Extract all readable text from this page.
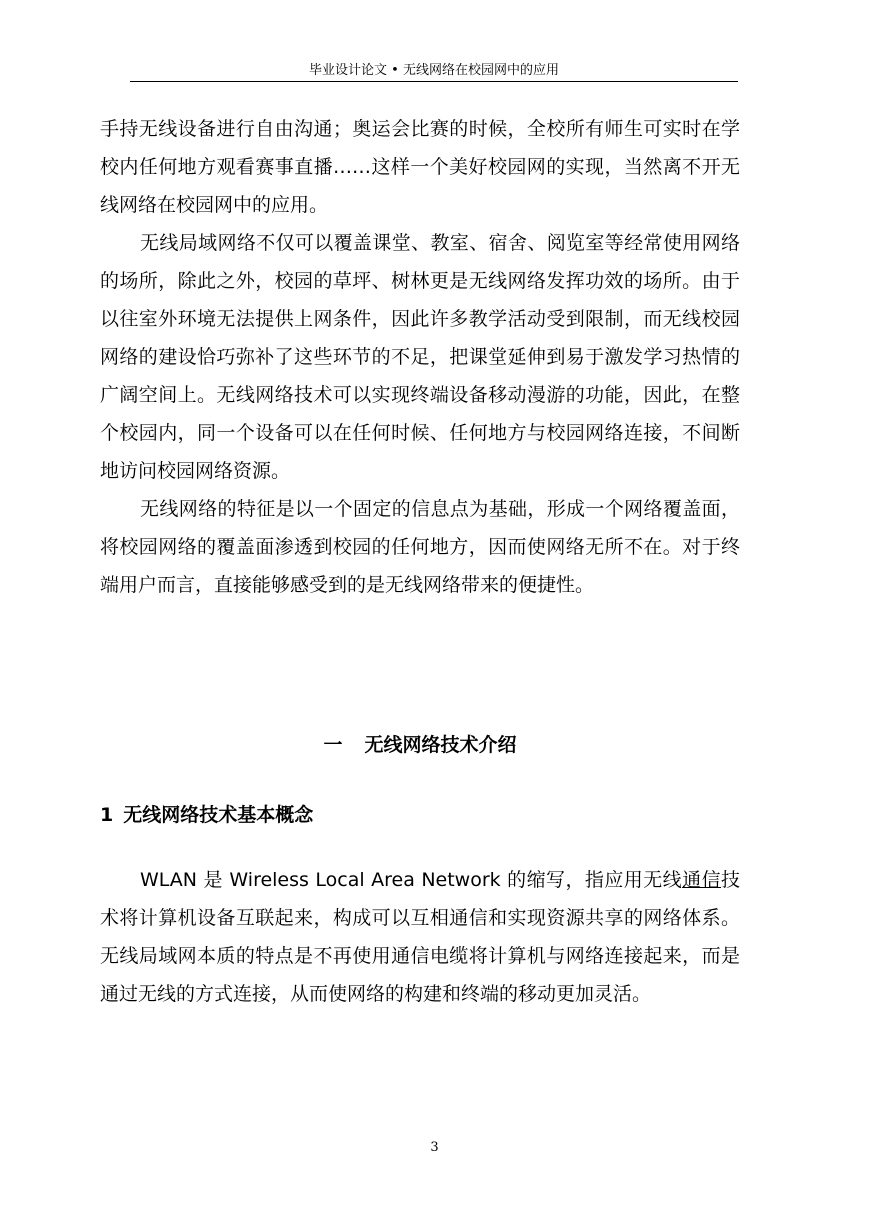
毕业设计论文 • 无线网络在校园网中的应用

手持无线设备进行自由沟通；奥运会比赛的时候，全校所有师生可实时在学校内任何地方观看赛事直播……这样一个美好校园网的实现，当然离不开无线网络在校园网中的应用。

无线局域网络不仅可以覆盖课堂、教室、宿舍、阅览室等经常使用网络的场所，除此之外，校园的草坪、树林更是无线网络发挥功效的场所。由于以往室外环境无法提供上网条件，因此许多教学活动受到限制，而无线校园网络的建设恰巧弥补了这些环节的不足，把课堂延伸到易于激发学习热情的广阔空间上。无线网络技术可以实现终端设备移动漫游的功能，因此，在整个校园内，同一个设备可以在任何时候、任何地方与校园网络连接，不间断地访问校园网络资源。

无线网络的特征是以一个固定的信息点为基础，形成一个网络覆盖面，将校园网络的覆盖面渗透到校园的任何地方，因而使网络无所不在。对于终端用户而言，直接能够感受到的是无线网络带来的便捷性。

一 无线网络技术介绍
1 无线网络技术基本概念

WLAN 是 Wireless Local Area Network 的缩写，指应用无线通信技术将计算机设备互联起来，构成可以互相通信和实现资源共享的网络体系。无线局域网本质的特点是不再使用通信电缆将计算机与网络连接起来，而是通过无线的方式连接，从而使网络的构建和终端的移动更加灵活。

3
